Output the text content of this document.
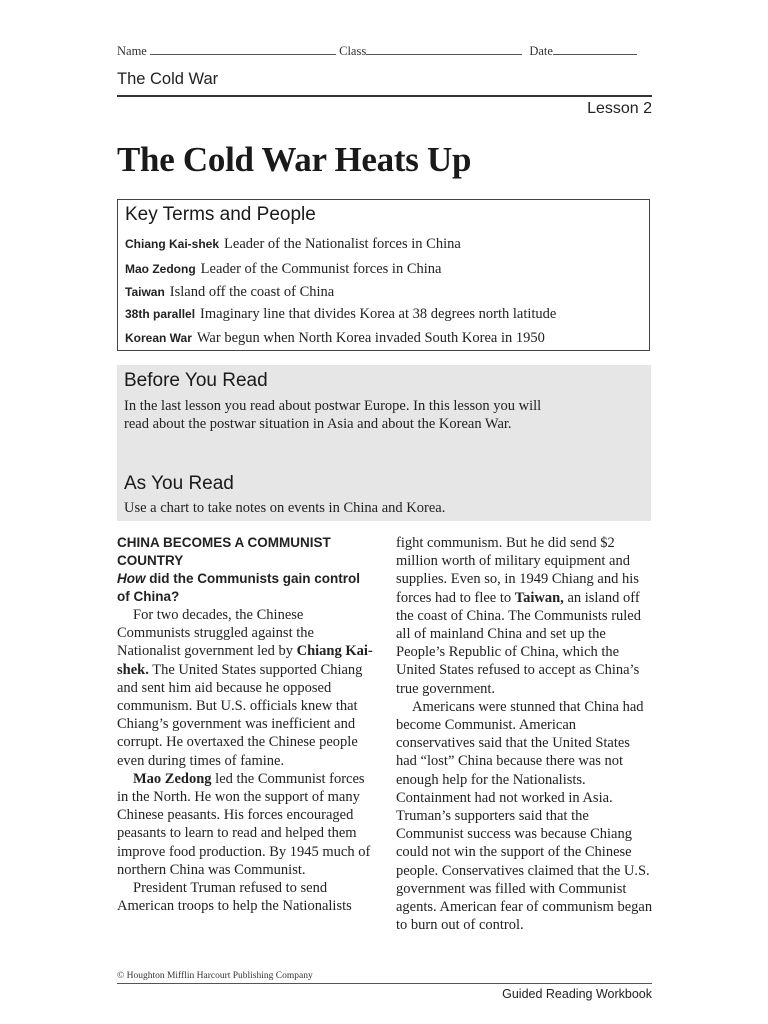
Name	Class	Date
The Cold War
Lesson 2
The Cold War Heats Up
Key Terms and People
Chiang Kai-shek Leader of the Nationalist forces in China
Mao Zedong Leader of the Communist forces in China
Taiwan Island off the coast of China
38th parallel Imaginary line that divides Korea at 38 degrees north latitude
Korean War War begun when North Korea invaded South Korea in 1950
Before You Read
In the last lesson you read about postwar Europe. In this lesson you will read about the postwar situation in Asia and about the Korean War.
As You Read
Use a chart to take notes on events in China and Korea.
CHINA BECOMES A COMMUNIST COUNTRY
How did the Communists gain control of China?

For two decades, the Chinese Communists struggled against the Nationalist government led by Chiang Kai-shek. The United States supported Chiang and sent him aid because he opposed communism. But U.S. officials knew that Chiang’s government was inefficient and corrupt. He overtaxed the Chinese people even during times of famine.

Mao Zedong led the Communist forces in the North. He won the support of many Chinese peasants. His forces encouraged peasants to learn to read and helped them improve food production. By 1945 much of northern China was Communist.

President Truman refused to send American troops to help the Nationalists

fight communism. But he did send $2 million worth of military equipment and supplies. Even so, in 1949 Chiang and his forces had to flee to Taiwan, an island off the coast of China. The Communists ruled all of mainland China and set up the People’s Republic of China, which the United States refused to accept as China’s true government.

Americans were stunned that China had become Communist. American conservatives said that the United States had “lost” China because there was not enough help for the Nationalists. Containment had not worked in Asia. Truman’s supporters said that the Communist success was because Chiang could not win the support of the Chinese people. Conservatives claimed that the U.S. government was filled with Communist agents. American fear of communism began to burn out of control.

© Houghton Mifflin Harcourt Publishing Company
Guided Reading Workbook
